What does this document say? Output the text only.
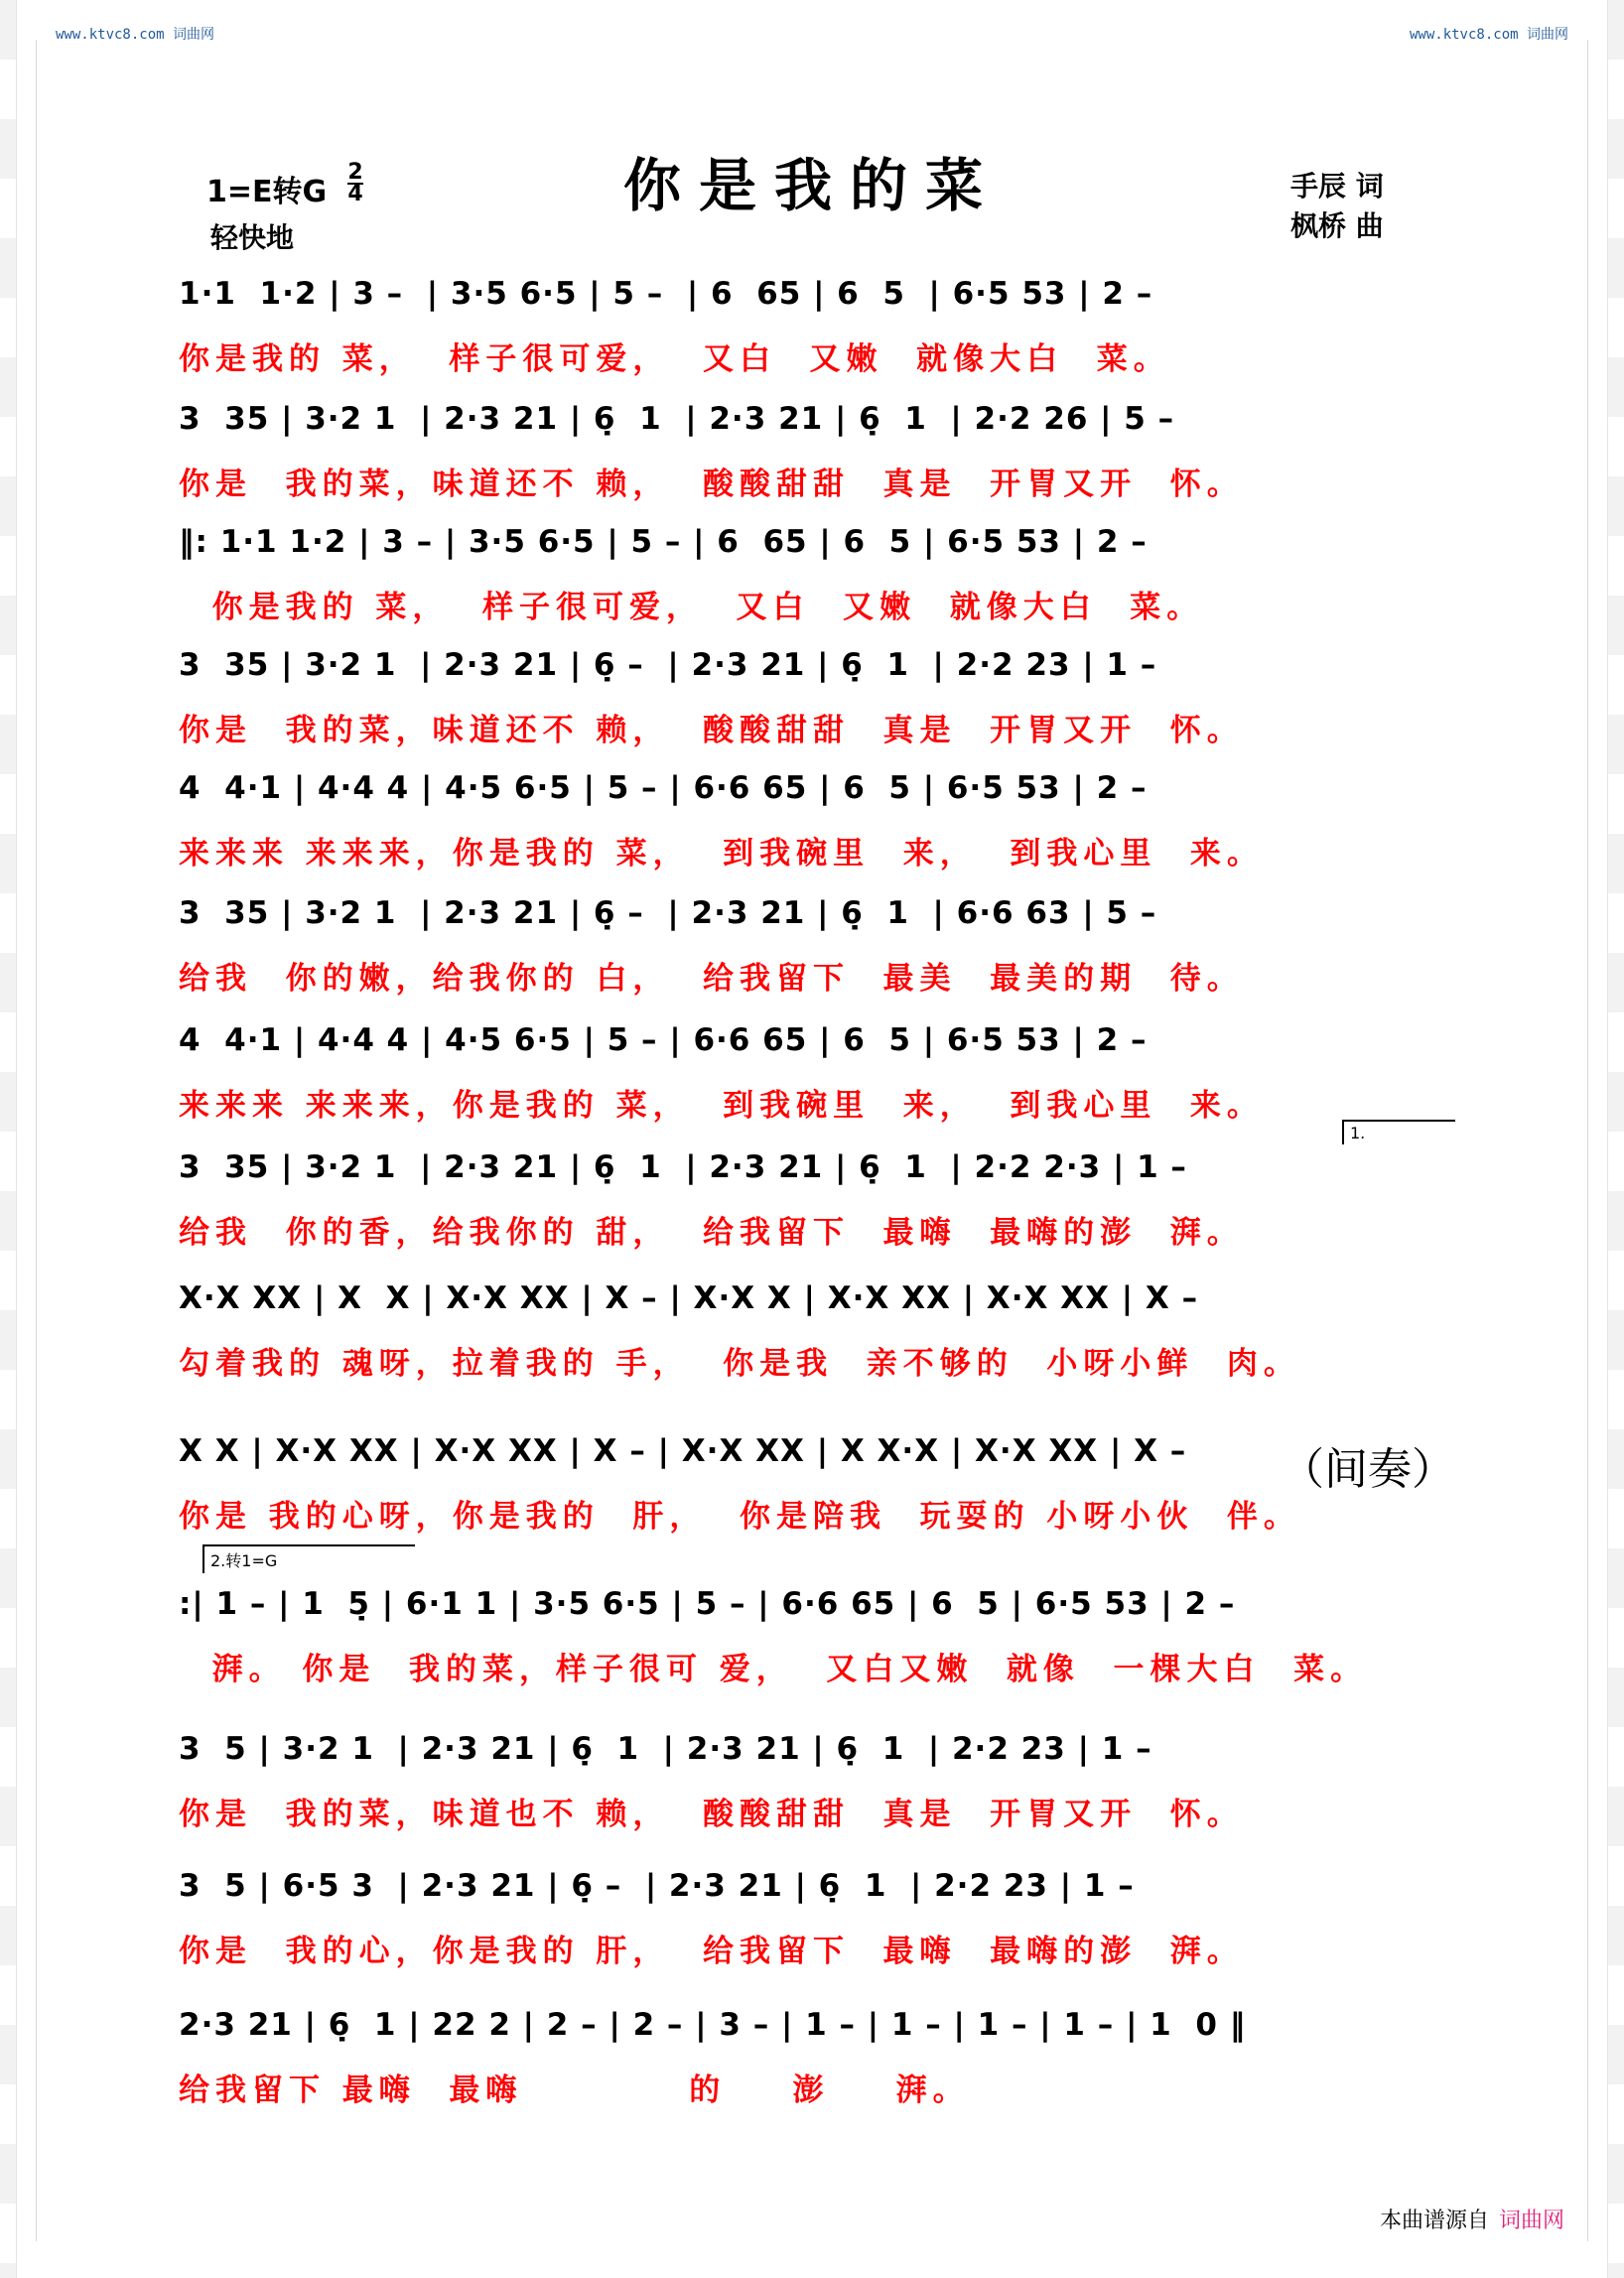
www.ktvc8.com 词曲网	www.ktvc8.com 词曲网
1=E转G
2
4
轻快地
你是我的菜	手辰 词
枫桥 曲
1·1  1·2 | 3 –  | 3·5 6·5 | 5 –  | 6  65 | 6  5  | 6·5 53 | 2 –
你是我的 菜，  样子很可爱，  又白  又嫩  就像大白  菜。
3  35 | 3·2 1  | 2·3 21 | 6̣  1  | 2·3 21 | 6̣  1  | 2·2 26 | 5 –
你是  我的菜，味道还不 赖，  酸酸甜甜  真是  开胃又开  怀。
‖: 1·1 1·2 | 3 – | 3·5 6·5 | 5 – | 6  65 | 6  5 | 6·5 53 | 2 –
你是我的 菜，  样子很可爱，  又白  又嫩  就像大白  菜。
3  35 | 3·2 1  | 2·3 21 | 6̣ –  | 2·3 21 | 6̣  1  | 2·2 23 | 1 –
你是  我的菜，味道还不 赖，  酸酸甜甜  真是  开胃又开  怀。
4  4·1 | 4·4 4 | 4·5 6·5 | 5 – | 6·6 65 | 6  5 | 6·5 53 | 2 –
来来来 来来来，你是我的 菜，  到我碗里  来，  到我心里  来。
3  35 | 3·2 1  | 2·3 21 | 6̣ –  | 2·3 21 | 6̣  1  | 6·6 63 | 5 –
给我  你的嫩，给我你的 白，  给我留下  最美  最美的期  待。
4  4·1 | 4·4 4 | 4·5 6·5 | 5 – | 6·6 65 | 6  5 | 6·5 53 | 2 –
来来来 来来来，你是我的 菜，  到我碗里  来，  到我心里  来。
3  35 | 3·2 1  | 2·3 21 | 6̣  1  | 2·3 21 | 6̣  1  | 2·2 2·3 | 1 –
给我  你的香，给我你的 甜，  给我留下  最嗨  最嗨的澎  湃。
X·X XX | X  X | X·X XX | X – | X·X X | X·X XX | X·X XX | X –
勾着我的 魂呀，拉着我的 手，  你是我  亲不够的  小呀小鲜  肉。
X X | X·X XX | X·X XX | X – | X·X XX | X X·X | X·X XX | X –
你是 我的心呀，你是我的  肝，  你是陪我  玩耍的 小呀小伙  伴。
:| 1 – | 1  5̣ | 6·1 1 | 3·5 6·5 | 5 – | 6·6 65 | 6  5 | 6·5 53 | 2 –
湃。 你是  我的菜，样子很可 爱，  又白又嫩  就像  一棵大白  菜。
3  5 | 3·2 1  | 2·3 21 | 6̣  1  | 2·3 21 | 6̣  1  | 2·2 23 | 1 –
你是  我的菜，味道也不 赖，  酸酸甜甜  真是  开胃又开  怀。
3  5 | 6·5 3  | 2·3 21 | 6̣ –  | 2·3 21 | 6̣  1  | 2·2 23 | 1 –
你是  我的心，你是我的 肝，  给我留下  最嗨  最嗨的澎  湃。
2·3 21 | 6̣  1 | 22 2 | 2 – | 2 – | 3 – | 1 – | 1 – | 1 – | 1 – | 1  0 ‖
给我留下 最嗨  最嗨          的    澎    湃。
1.
2.转1=G
（间奏）
本曲谱源自 词曲网
